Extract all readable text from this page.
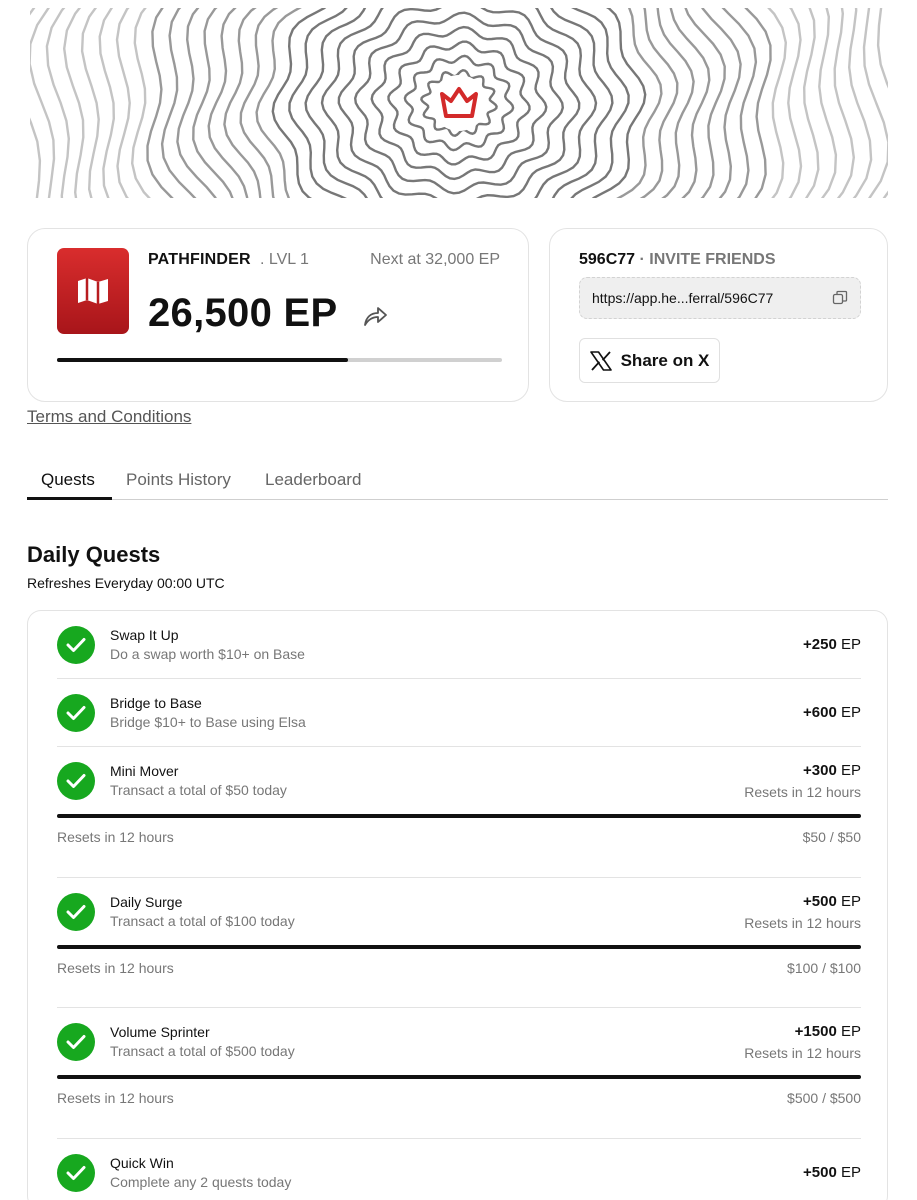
PATHFINDER . LVL 1	Next at 32,000 EP
26,500 EP
596C77 · INVITE FRIENDS
https://app.he...ferral/596C77
Share on X
Terms and Conditions
Quests Points History Leaderboard
Daily Quests
Refreshes Everyday 00:00 UTC
Swap It Up
Do a swap worth $10+ on Base
+250 EP
Bridge to Base
Bridge $10+ to Base using Elsa
+600 EP
Mini Mover
Transact a total of $50 today
+300 EP
Resets in 12 hours
Resets in 12 hours	$50 / $50
Daily Surge
Transact a total of $100 today
+500 EP
Resets in 12 hours
Resets in 12 hours	$100 / $100
Volume Sprinter
Transact a total of $500 today
+1500 EP
Resets in 12 hours
Resets in 12 hours	$500 / $500
Quick Win
Complete any 2 quests today
+500 EP
